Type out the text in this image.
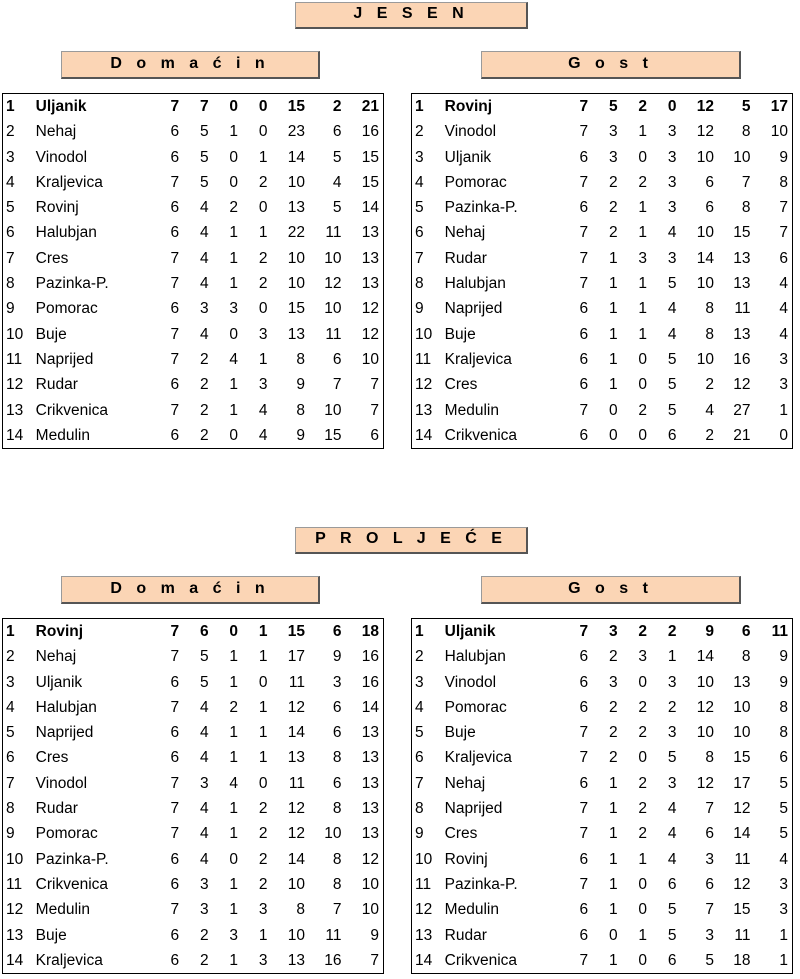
J E S E N
D o m a ć i n	G o s t
1	Uljanik	7	7	0	0	15	2	21
2	Nehaj	6	5	1	0	23	6	16
3	Vinodol	6	5	0	1	14	5	15
4	Kraljevica	7	5	0	2	10	4	15
5	Rovinj	6	4	2	0	13	5	14
6	Halubjan	6	4	1	1	22	11	13
7	Cres	7	4	1	2	10	10	13
8	Pazinka-P.	7	4	1	2	10	12	13
9	Pomorac	6	3	3	0	15	10	12
10	Buje	7	4	0	3	13	11	12
11	Naprijed	7	2	4	1	8	6	10
12	Rudar	6	2	1	3	9	7	7
13	Crikvenica	7	2	1	4	8	10	7
14	Medulin	6	2	0	4	9	15	6
1	Rovinj	7	5	2	0	12	5	17
2	Vinodol	7	3	1	3	12	8	10
3	Uljanik	6	3	0	3	10	10	9
4	Pomorac	7	2	2	3	6	7	8
5	Pazinka-P.	6	2	1	3	6	8	7
6	Nehaj	7	2	1	4	10	15	7
7	Rudar	7	1	3	3	14	13	6
8	Halubjan	7	1	1	5	10	13	4
9	Naprijed	6	1	1	4	8	11	4
10	Buje	6	1	1	4	8	13	4
11	Kraljevica	6	1	0	5	10	16	3
12	Cres	6	1	0	5	2	12	3
13	Medulin	7	0	2	5	4	27	1
14	Crikvenica	6	0	0	6	2	21	0
P R O L J E Ć E
D o m a ć i n	G o s t
1	Rovinj	7	6	0	1	15	6	18
2	Nehaj	7	5	1	1	17	9	16
3	Uljanik	6	5	1	0	11	3	16
4	Halubjan	7	4	2	1	12	6	14
5	Naprijed	6	4	1	1	14	6	13
6	Cres	6	4	1	1	13	8	13
7	Vinodol	7	3	4	0	11	6	13
8	Rudar	7	4	1	2	12	8	13
9	Pomorac	7	4	1	2	12	10	13
10	Pazinka-P.	6	4	0	2	14	8	12
11	Crikvenica	6	3	1	2	10	8	10
12	Medulin	7	3	1	3	8	7	10
13	Buje	6	2	3	1	10	11	9
14	Kraljevica	6	2	1	3	13	16	7
1	Uljanik	7	3	2	2	9	6	11
2	Halubjan	6	2	3	1	14	8	9
3	Vinodol	6	3	0	3	10	13	9
4	Pomorac	6	2	2	2	12	10	8
5	Buje	7	2	2	3	10	10	8
6	Kraljevica	7	2	0	5	8	15	6
7	Nehaj	6	1	2	3	12	17	5
8	Naprijed	7	1	2	4	7	12	5
9	Cres	7	1	2	4	6	14	5
10	Rovinj	6	1	1	4	3	11	4
11	Pazinka-P.	7	1	0	6	6	12	3
12	Medulin	6	1	0	5	7	15	3
13	Rudar	6	0	1	5	3	11	1
14	Crikvenica	7	1	0	6	5	18	1
